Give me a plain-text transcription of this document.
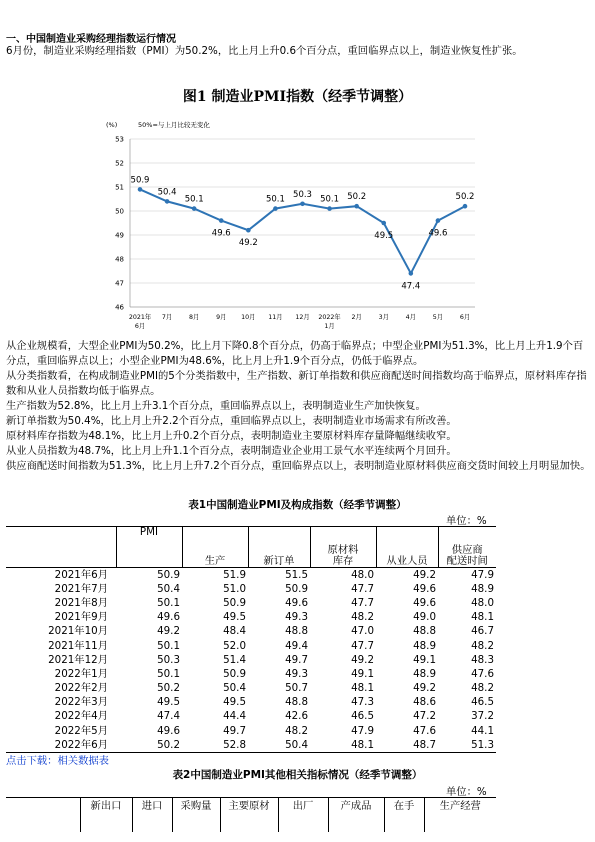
一、中国制造业采购经理指数运行情况
6月份，制造业采购经理指数（PMI）为50.2%，比上月上升0.6个百分点，重回临界点以上，制造业恢复性扩张。
图1 制造业PMI指数（经季节调整）
46
47
48
49
50
51
52
53
2021年 6月
7月	8月	9月 10月 11月 12月 2022年 1月
2月	3月	4月	5月	6月
(%)	50%=与上月比较无变化
50.9
50.4
50.1
49.6
49.2
50.1 50.3 50.1 50.2
49.5
47.4
49.6
50.2

从企业规模看，大型企业PMI为50.2%，比上月下降0.8个百分点，仍高于临界点；中型企业PMI为51.3%，比上月上升1.9个百分点，重回临界点以上；小型企业PMI为48.6%，比上月上升1.9个百分点，仍低于临界点。

从分类指数看，在构成制造业PMI的5个分类指数中，生产指数、新订单指数和供应商配送时间指数均高于临界点，原材料库存指数和从业人员指数均低于临界点。

生产指数为52.8%，比上月上升3.1个百分点，重回临界点以上，表明制造业生产加快恢复。

新订单指数为50.4%，比上月上升2.2个百分点，重回临界点以上，表明制造业市场需求有所改善。

原材料库存指数为48.1%，比上月上升0.2个百分点，表明制造业主要原材料库存量降幅继续收窄。

从业人员指数为48.7%，比上月上升1.1个百分点，表明制造业企业用工景气水平连续两个月回升。

供应商配送时间指数为51.3%，比上月上升7.2个百分点，重回临界点以上，表明制造业原材料供应商交货时间较上月明显加快。

表1中国制造业PMI及构成指数（经季节调整）
单位：%
	PMI	生产	新订单	原材料
库存	从业人员	供应商
配送时间
2021年6月	50.9	51.9	51.5	48.0	49.2	47.9
2021年7月	50.4	51.0	50.9	47.7	49.6	48.9
2021年8月	50.1	50.9	49.6	47.7	49.6	48.0
2021年9月	49.6	49.5	49.3	48.2	49.0	48.1
2021年10月	49.2	48.4	48.8	47.0	48.8	46.7
2021年11月	50.1	52.0	49.4	47.7	48.9	48.2
2021年12月	50.3	51.4	49.7	49.2	49.1	48.3
2022年1月	50.1	50.9	49.3	49.1	48.9	47.6
2022年2月	50.2	50.4	50.7	48.1	49.2	48.2
2022年3月	49.5	49.5	48.8	47.3	48.6	46.5
2022年4月	47.4	44.4	42.6	46.5	47.2	37.2
2022年5月	49.6	49.7	48.2	47.9	47.6	44.1
2022年6月	50.2	52.8	50.4	48.1	48.7	51.3
点击下载：相关数据表
表2中国制造业PMI其他相关指标情况（经季节调整）
单位：%
	新出口	进口	采购量	主要原材	出厂	产成品	在手	生产经营
